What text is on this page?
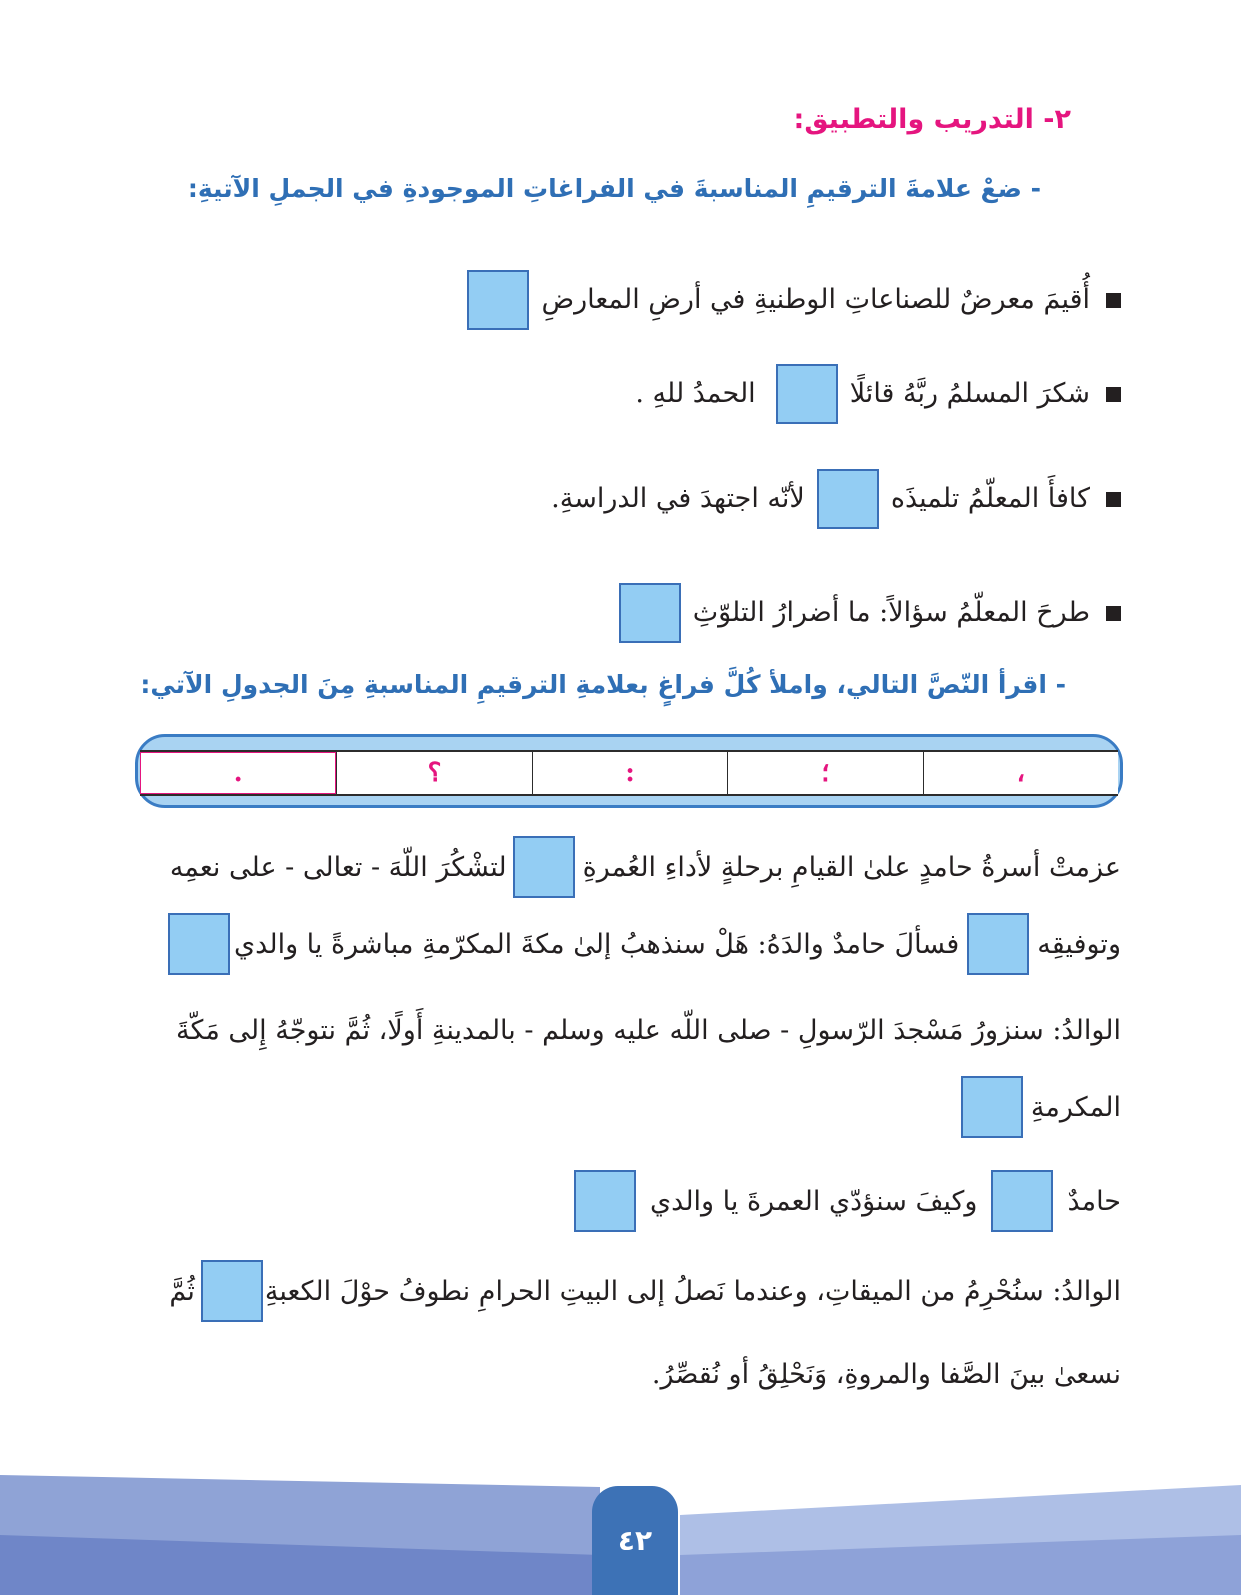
٢- التدريب والتطبيق:
- ضعْ علامةَ الترقيمِ المناسبةَ في الفراغاتِ الموجودةِ في الجملِ الآتيةِ:
أُقيمَ معرضٌ للصناعاتِ الوطنيةِ في أرضِ المعارضِ
شكرَ المسلمُ ربَّهُ قائلًا
الحمدُ للهِ .
كافأَ المعلّمُ تلميذَه
لأنّه اجتهدَ في الدراسةِ.
طرحَ المعلّمُ سؤالاً: ما أضرارُ التلوّثِ
- اقرأ النّصَّ التالي، واملأ كُلَّ فراغٍ بعلامةِ الترقيمِ المناسبةِ مِنَ الجدولِ الآتي:
،
؛
:
؟
.
عزمتْ أسرةُ حامدٍ علىٰ القيامِ برحلةٍ لأداءِ العُمرةِ
لتشْكُرَ اللّهَ - تعالى - على نعمِه
وتوفيقِه
فسألَ حامدٌ والدَهُ: هَلْ سنذهبُ إلىٰ مكةَ المكرّمةِ مباشرةً يا والدي
الوالدُ: سنزورُ مَسْجدَ الرّسولِ - صلى اللّه عليه وسلم - بالمدينةِ أَولًا، ثُمَّ نتوجّهُ إِلى مَكّةَ
المكرمةِ
حامدٌ
وكيفَ سنؤدّي العمرةَ يا والدي
الوالدُ: سنُحْرِمُ من الميقاتِ، وعندما نَصلُ إلى البيتِ الحرامِ نطوفُ حوْلَ الكعبةِ
ثُمَّ
نسعىٰ بينَ الصَّفا والمروةِ، وَنَحْلِقُ أو نُقصِّرُ.
٤٢
